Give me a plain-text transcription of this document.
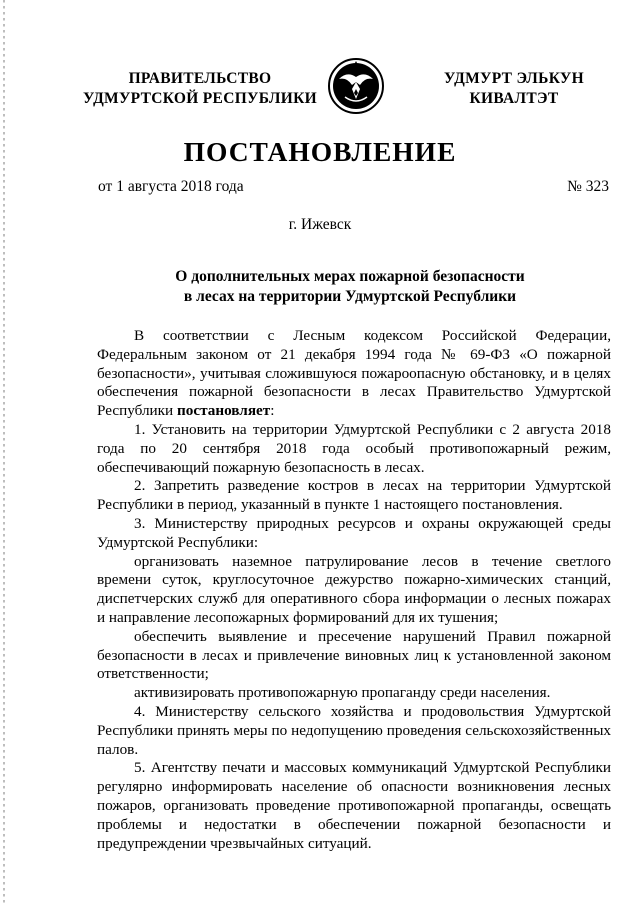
ПРАВИТЕЛЬСТВО
УДМУРТСКОЙ РЕСПУБЛИКИ
УДМУРТ ЭЛЬКУН
КИВАЛТЭТ
ПОСТАНОВЛЕНИЕ
от 1 августа 2018 года	№ 323
г. Ижевск
О дополнительных мерах пожарной безопасности
в лесах на территории Удмуртской Республики

В соответствии с Лесным кодексом Российской Федерации, Федеральным законом от 21 декабря 1994 года № 69-ФЗ «О пожарной безопасности», учитывая сложившуюся пожароопасную обстановку, и в целях обеспечения пожарной безопасности в лесах Правительство Удмуртской Республики постановляет:

1. Установить на территории Удмуртской Республики с 2 августа 2018 года по 20 сентября 2018 года особый противопожарный режим, обеспечивающий пожарную безопасность в лесах.

2. Запретить разведение костров в лесах на территории Удмуртской Республики в период, указанный в пункте 1 настоящего постановления.

3. Министерству природных ресурсов и охраны окружающей среды Удмуртской Республики:

организовать наземное патрулирование лесов в течение светлого времени суток, круглосуточное дежурство пожарно-химических станций, диспетчерских служб для оперативного сбора информации о лесных пожарах и направление лесопожарных формирований для их тушения;

обеспечить выявление и пресечение нарушений Правил пожарной безопасности в лесах и привлечение виновных лиц к установленной законом ответственности;

активизировать противопожарную пропаганду среди населения.

4. Министерству сельского хозяйства и продовольствия Удмуртской Республики принять меры по недопущению проведения сельскохозяйственных палов.

5. Агентству печати и массовых коммуникаций Удмуртской Республики регулярно информировать население об опасности возникновения лесных пожаров, организовать проведение противопожарной пропаганды, освещать проблемы и недостатки в обеспечении пожарной безопасности и предупреждении чрезвычайных ситуаций.
